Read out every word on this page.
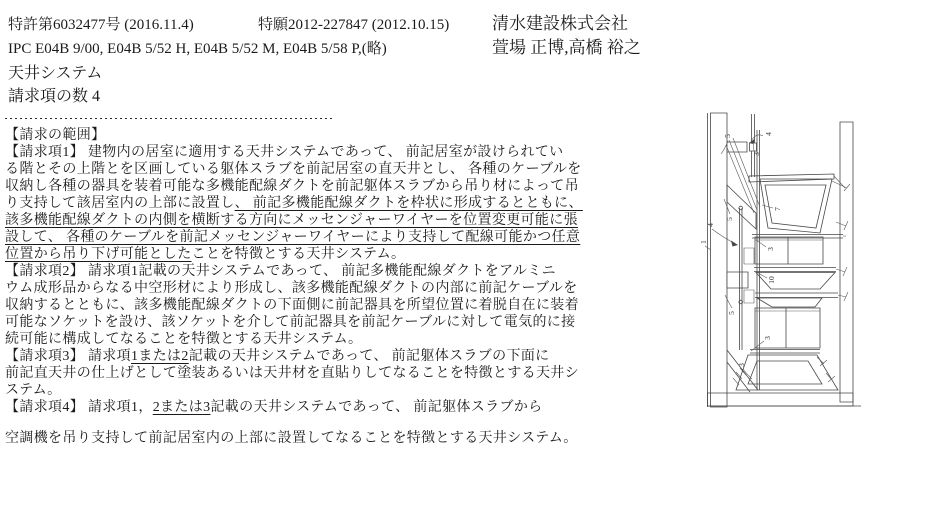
特許第6032477号 (2016.11.4)	特願2012-227847 (2012.10.15)	清水建設株式会社
IPC E04B 9/00, E04B 5/52 H, E04B 5/52 M, E04B 5/58 P,(略)	萱場 正博,高橋 裕之
天井システム
請求項の数 4
【請求の範囲】
【請求項1】 建物内の居室に適用する天井システムであって、 前記居室が設けられてい
る階とその上階とを区画している躯体スラブを前記居室の直天井とし、 各種のケーブルを
収納し各種の器具を装着可能な多機能配線ダクトを前記躯体スラブから吊り材によって吊
り支持して該居室内の上部に設置し、 前記多機能配線ダクトを枠状に形成するとともに、
該多機能配線ダクトの内側を横断する方向にメッセンジャーワイヤーを位置変更可能に張
設して、 各種のケーブルを前記メッセンジャーワイヤーにより支持して配線可能かつ任意
位置から吊り下げ可能としたことを特徴とする天井システム。
【請求項2】 請求項1記載の天井システムであって、 前記多機能配線ダクトをアルミニ
ウム成形品からなる中空形材により形成し、該多機能配線ダクトの内部に前記ケーブルを
収納するとともに、該多機能配線ダクトの下面側に前記器具を所望位置に着脱自在に装着
可能なソケットを設け、該ソケットを介して前記器具を前記ケーブルに対して電気的に接
続可能に構成してなることを特徴とする天井システム。
【請求項3】 請求項1または2記載の天井システムであって、 前記躯体スラブの下面に
前記直天井の仕上げとして塗装あるいは天井材を直貼りしてなることを特徴とする天井シ
ステム。
【請求項4】 請求項1，2または3記載の天井システムであって、 前記躯体スラブから
空調機を吊り支持して前記居室内の上部に設置してなることを特徴とする天井システム。
5
4
3
5
4
1
7
3
10
5
3
3
